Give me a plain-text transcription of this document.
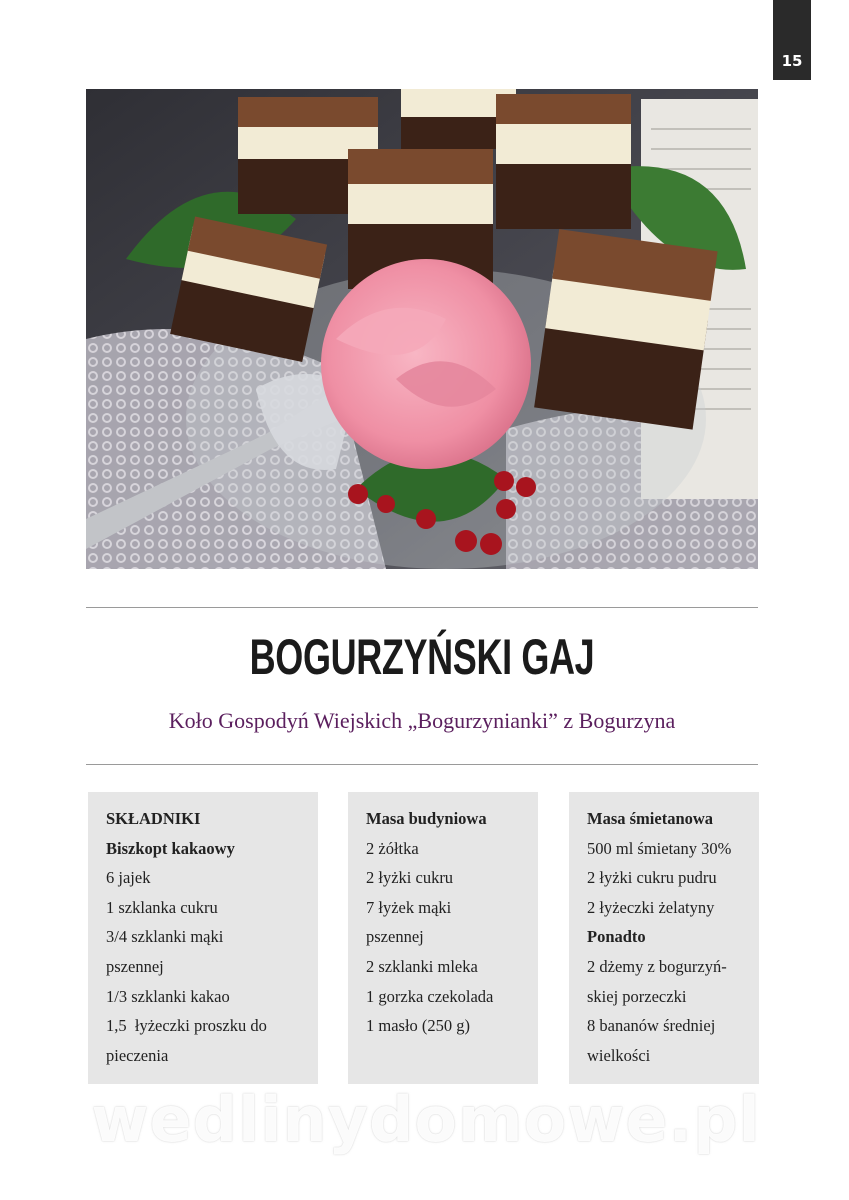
15
BOGURZYŃSKI GAJ
Koło Gospodyń Wiejskich „Bogurzynianki” z Bogurzyna
SKŁADNIKI
Biszkopt kakaowy
6 jajek
1 szklanka cukru
3/4 szklanki mąki
pszennej
1/3 szklanki kakao
1,5  łyżeczki proszku do
pieczenia
Masa budyniowa
2 żółtka
2 łyżki cukru
7 łyżek mąki
pszennej
2 szklanki mleka
1 gorzka czekolada
1 masło (250 g)
Masa śmietanowa
500 ml śmietany 30%
2 łyżki cukru pudru
2 łyżeczki żelatyny
Ponadto
2 dżemy z bogurzyń-
skiej porzeczki
8 bananów średniej
wielkości
wedlinydomowe.pl
